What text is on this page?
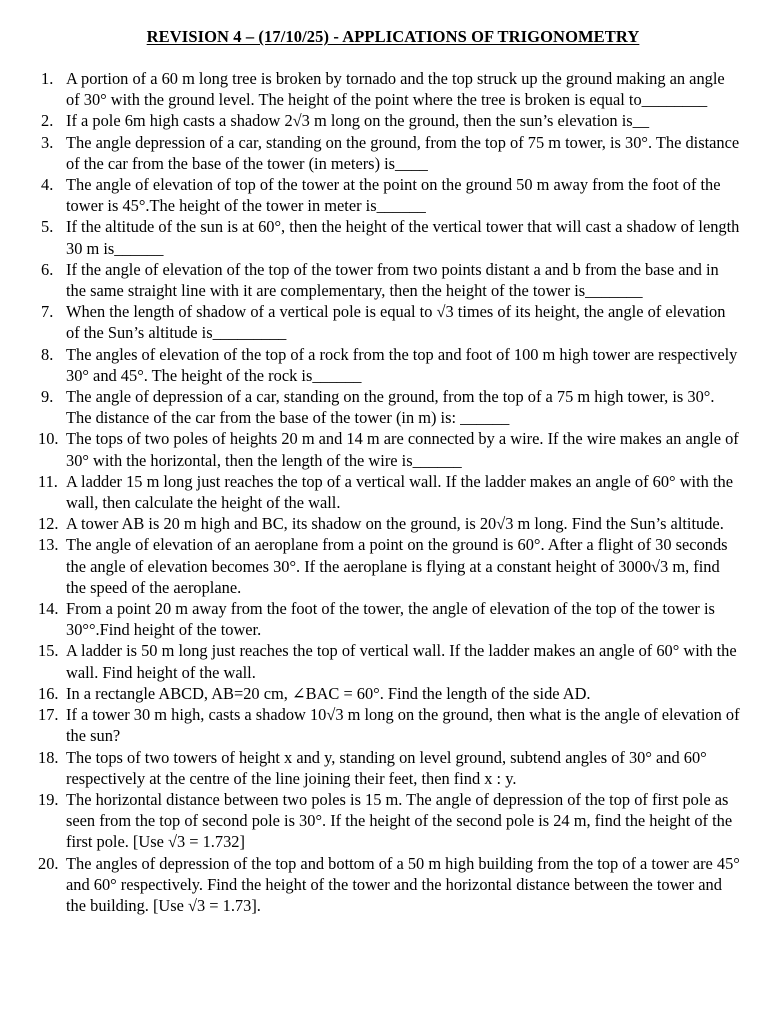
REVISION 4 – (17/10/25) - APPLICATIONS OF TRIGONOMETRY
1. A portion of a 60 m long tree is broken by tornado and the top struck up the ground making an angle of 30° with the ground level. The height of the point where the tree is broken is equal to________
2. If a pole 6m high casts a shadow 2√3 m long on the ground, then the sun’s elevation is__
3. The angle depression of a car, standing on the ground, from the top of 75 m tower, is 30°. The distance of the car from the base of the tower (in meters) is____
4. The angle of elevation of top of the tower at the point on the ground 50 m away from the foot of the tower is 45°.The height of the tower in meter is______
5. If the altitude of the sun is at 60°, then the height of the vertical tower that will cast a shadow of length 30 m is______
6. If the angle of elevation of the top of the tower from two points distant a and b from the base and in the same straight line with it are complementary, then the height of the tower is_______
7. When the length of shadow of a vertical pole is equal to √3 times of its height, the angle of elevation of the Sun’s altitude is_________
8. The angles of elevation of the top of a rock from the top and foot of 100 m high tower are respectively 30° and 45°. The height of the rock is______
9. The angle of depression of a car, standing on the ground, from the top of a 75 m high tower, is 30°. The distance of the car from the base of the tower (in m) is: ______
10. The tops of two poles of heights 20 m and 14 m are connected by a wire. If the wire makes an angle of 30° with the horizontal, then the length of the wire is______
11. A ladder 15 m long just reaches the top of a vertical wall. If the ladder makes an angle of 60° with the wall, then calculate the height of the wall.
12. A tower AB is 20 m high and BC, its shadow on the ground, is 20√3 m long. Find the Sun’s altitude.
13. The angle of elevation of an aeroplane from a point on the ground is 60°. After a flight of 30 seconds the angle of elevation becomes 30°. If the aeroplane is flying at a constant height of 3000√3 m, find the speed of the aeroplane.
14. From a point 20 m away from the foot of the tower, the angle of elevation of the top of the tower is 30°°.Find height of the tower.
15. A ladder is 50 m long just reaches the top of vertical wall. If the ladder makes an angle of 60° with the wall. Find height of the wall.
16. In a rectangle ABCD, AB=20 cm, ∠BAC = 60°. Find the length of the side AD.
17. If a tower 30 m high, casts a shadow 10√3 m long on the ground, then what is the angle of elevation of the sun?
18. The tops of two towers of height x and y, standing on level ground, subtend angles of 30° and 60° respectively at the centre of the line joining their feet, then find x : y.
19. The horizontal distance between two poles is 15 m. The angle of depression of the top of first pole as seen from the top of second pole is 30°. If the height of the second pole is 24 m, find the height of the first pole. [Use √3 = 1.732]
20. The angles of depression of the top and bottom of a 50 m high building from the top of a tower are 45° and 60° respectively. Find the height of the tower and the horizontal distance between the tower and the building. [Use √3 = 1.73].
